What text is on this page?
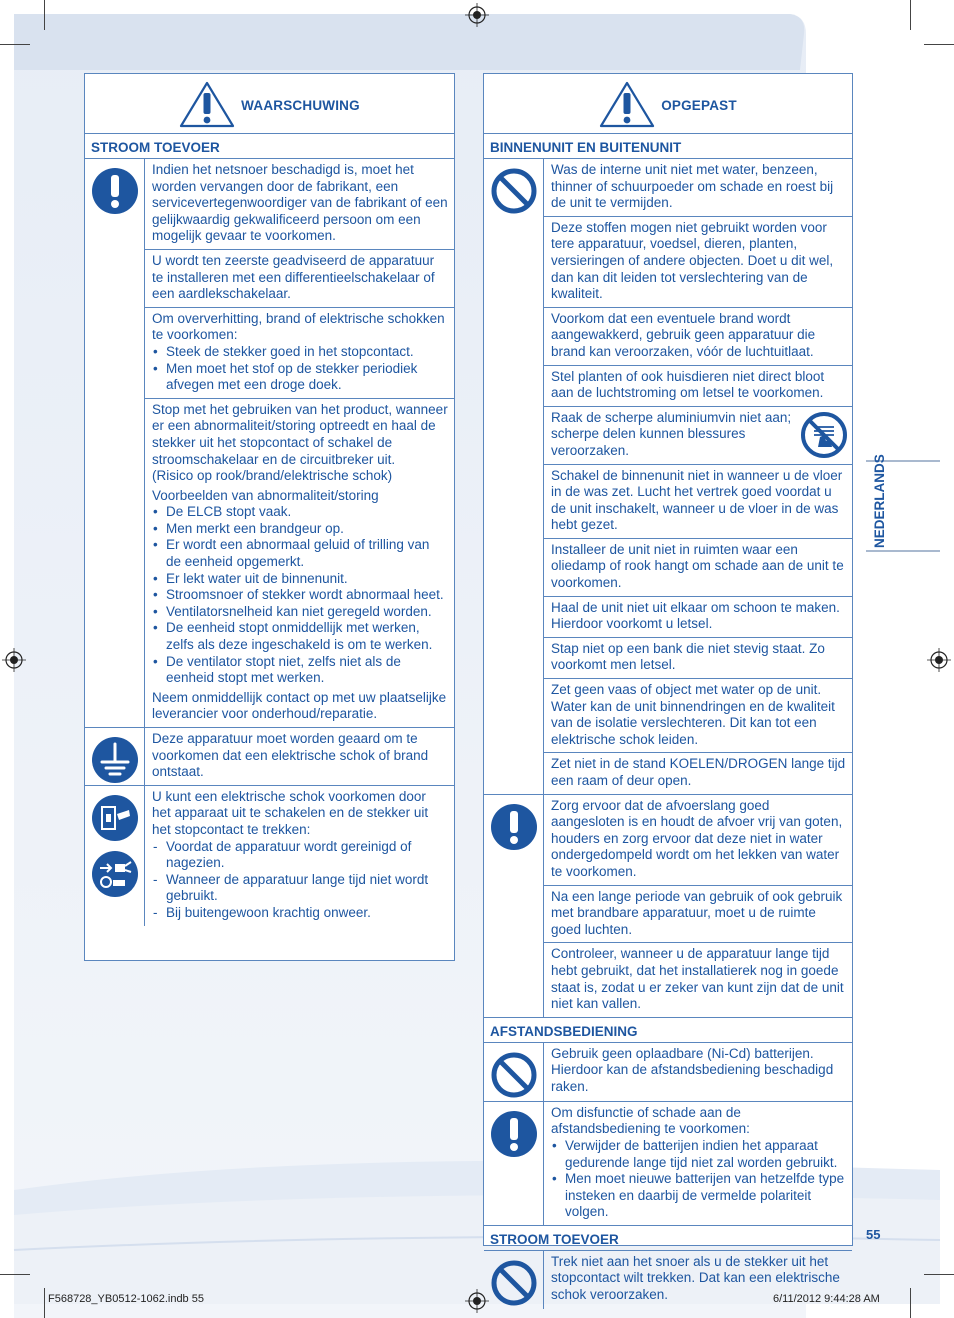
WAARSCHUWING
STROOM TOEVOER

Indien het netsnoer beschadigd is, moet het worden vervangen door de fabrikant, een servicevertegenwoordiger van de fabrikant of een gelijkwaardig gekwalificeerd persoon om een mogelijk gevaar te voorkomen.

U wordt ten zeerste geadviseerd de apparatuur te installeren met een differentieelschakelaar of een aardlekschakelaar.

Om oververhitting, brand of elektrische schokken te voorkomen:

• Steek de stekker goed in het stopcontact.
• Men moet het stof op de stekker periodiek afvegen met een droge doek.

Stop met het gebruiken van het product, wanneer er een abnormaliteit/storing optreedt en haal de stekker uit het stopcontact of schakel de stroomschakelaar en de circuitbreker uit.

(Risico op rook/brand/elektrische schok)

Voorbeelden van abnormaliteit/storing

• De ELCB stopt vaak.
• Men merkt een brandgeur op.
• Er wordt een abnormaal geluid of trilling van de eenheid opgemerkt.
• Er lekt water uit de binnenunit.
• Stroomsnoer of stekker wordt abnormaal heet.
• Ventilatorsnelheid kan niet geregeld worden.
• De eenheid stopt onmiddellijk met werken, zelfs als deze ingeschakeld is om te werken.
• De ventilator stopt niet, zelfs niet als de eenheid stopt met werken.

Neem onmiddellijk contact op met uw plaatselijke leverancier voor onderhoud/reparatie.

Deze apparatuur moet worden geaard om te voorkomen dat een elektrische schok of brand ontstaat.

U kunt een elektrische schok voorkomen door het apparaat uit te schakelen en de stekker uit het stopcontact te trekken:

- Voordat de apparatuur wordt gereinigd of nagezien.
- Wanneer de apparatuur lange tijd niet wordt gebruikt.
- Bij buitengewoon krachtig onweer.
OPGEPAST
BINNENUNIT EN BUITENUNIT

Was de interne unit niet met water, benzeen, thinner of schuurpoeder om schade en roest bij de unit te vermijden.

Deze stoffen mogen niet gebruikt worden voor tere apparatuur, voedsel, dieren, planten, versieringen of andere objecten. Doet u dit wel, dan kan dit leiden tot verslechtering van de kwaliteit.

Voorkom dat een eventuele brand wordt aangewakkerd, gebruik geen apparatuur die brand kan veroorzaken, vóór de luchtuitlaat.

Stel planten of ook huisdieren niet direct bloot aan de luchtstroming om letsel te voorkomen.

Raak de scherpe aluminiumvin niet aan; scherpe delen kunnen blessures veroorzaken.

Schakel de binnenunit niet in wanneer u de vloer in de was zet. Lucht het vertrek goed voordat u de unit inschakelt, wanneer u de vloer in de was hebt gezet.

Installeer de unit niet in ruimten waar een oliedamp of rook hangt om schade aan de unit te voorkomen.

Haal de unit niet uit elkaar om schoon te maken. Hierdoor voorkomt u letsel.

Stap niet op een bank die niet stevig staat. Zo voorkomt men letsel.

Zet geen vaas of object met water op de unit. Water kan de unit binnendringen en de kwaliteit van de isolatie verslechteren. Dit kan tot een elektrische schok leiden.

Zet niet in de stand KOELEN/DROGEN lange tijd een raam of deur open.

Zorg ervoor dat de afvoerslang goed aangesloten is en houdt de afvoer vrij van goten, houders en zorg ervoor dat deze niet in water ondergedompeld wordt om het lekken van water te voorkomen.

Na een lange periode van gebruik of ook gebruik met brandbare apparatuur, moet u de ruimte goed luchten.

Controleer, wanneer u de apparatuur lange tijd hebt gebruikt, dat het installatierek nog in goede staat is, zodat u er zeker van kunt zijn dat de unit niet kan vallen.

AFSTANDSBEDIENING

Gebruik geen oplaadbare (Ni-Cd) batterijen. Hierdoor kan de afstandsbediening beschadigd raken.

Om disfunctie of schade aan de afstandsbediening te voorkomen:

• Verwijder de batterijen indien het apparaat gedurende lange tijd niet zal worden gebruikt.
• Men moet nieuwe batterijen van hetzelfde type insteken en daarbij de vermelde polariteit volgen.
STROOM TOEVOER

Trek niet aan het snoer als u de stekker uit het stopcontact wilt trekken. Dat kan een elektrische schok veroorzaken.

NEDERLANDS
55
F568728_YB0512-1062.indb 55	6/11/2012 9:44:28 AM
